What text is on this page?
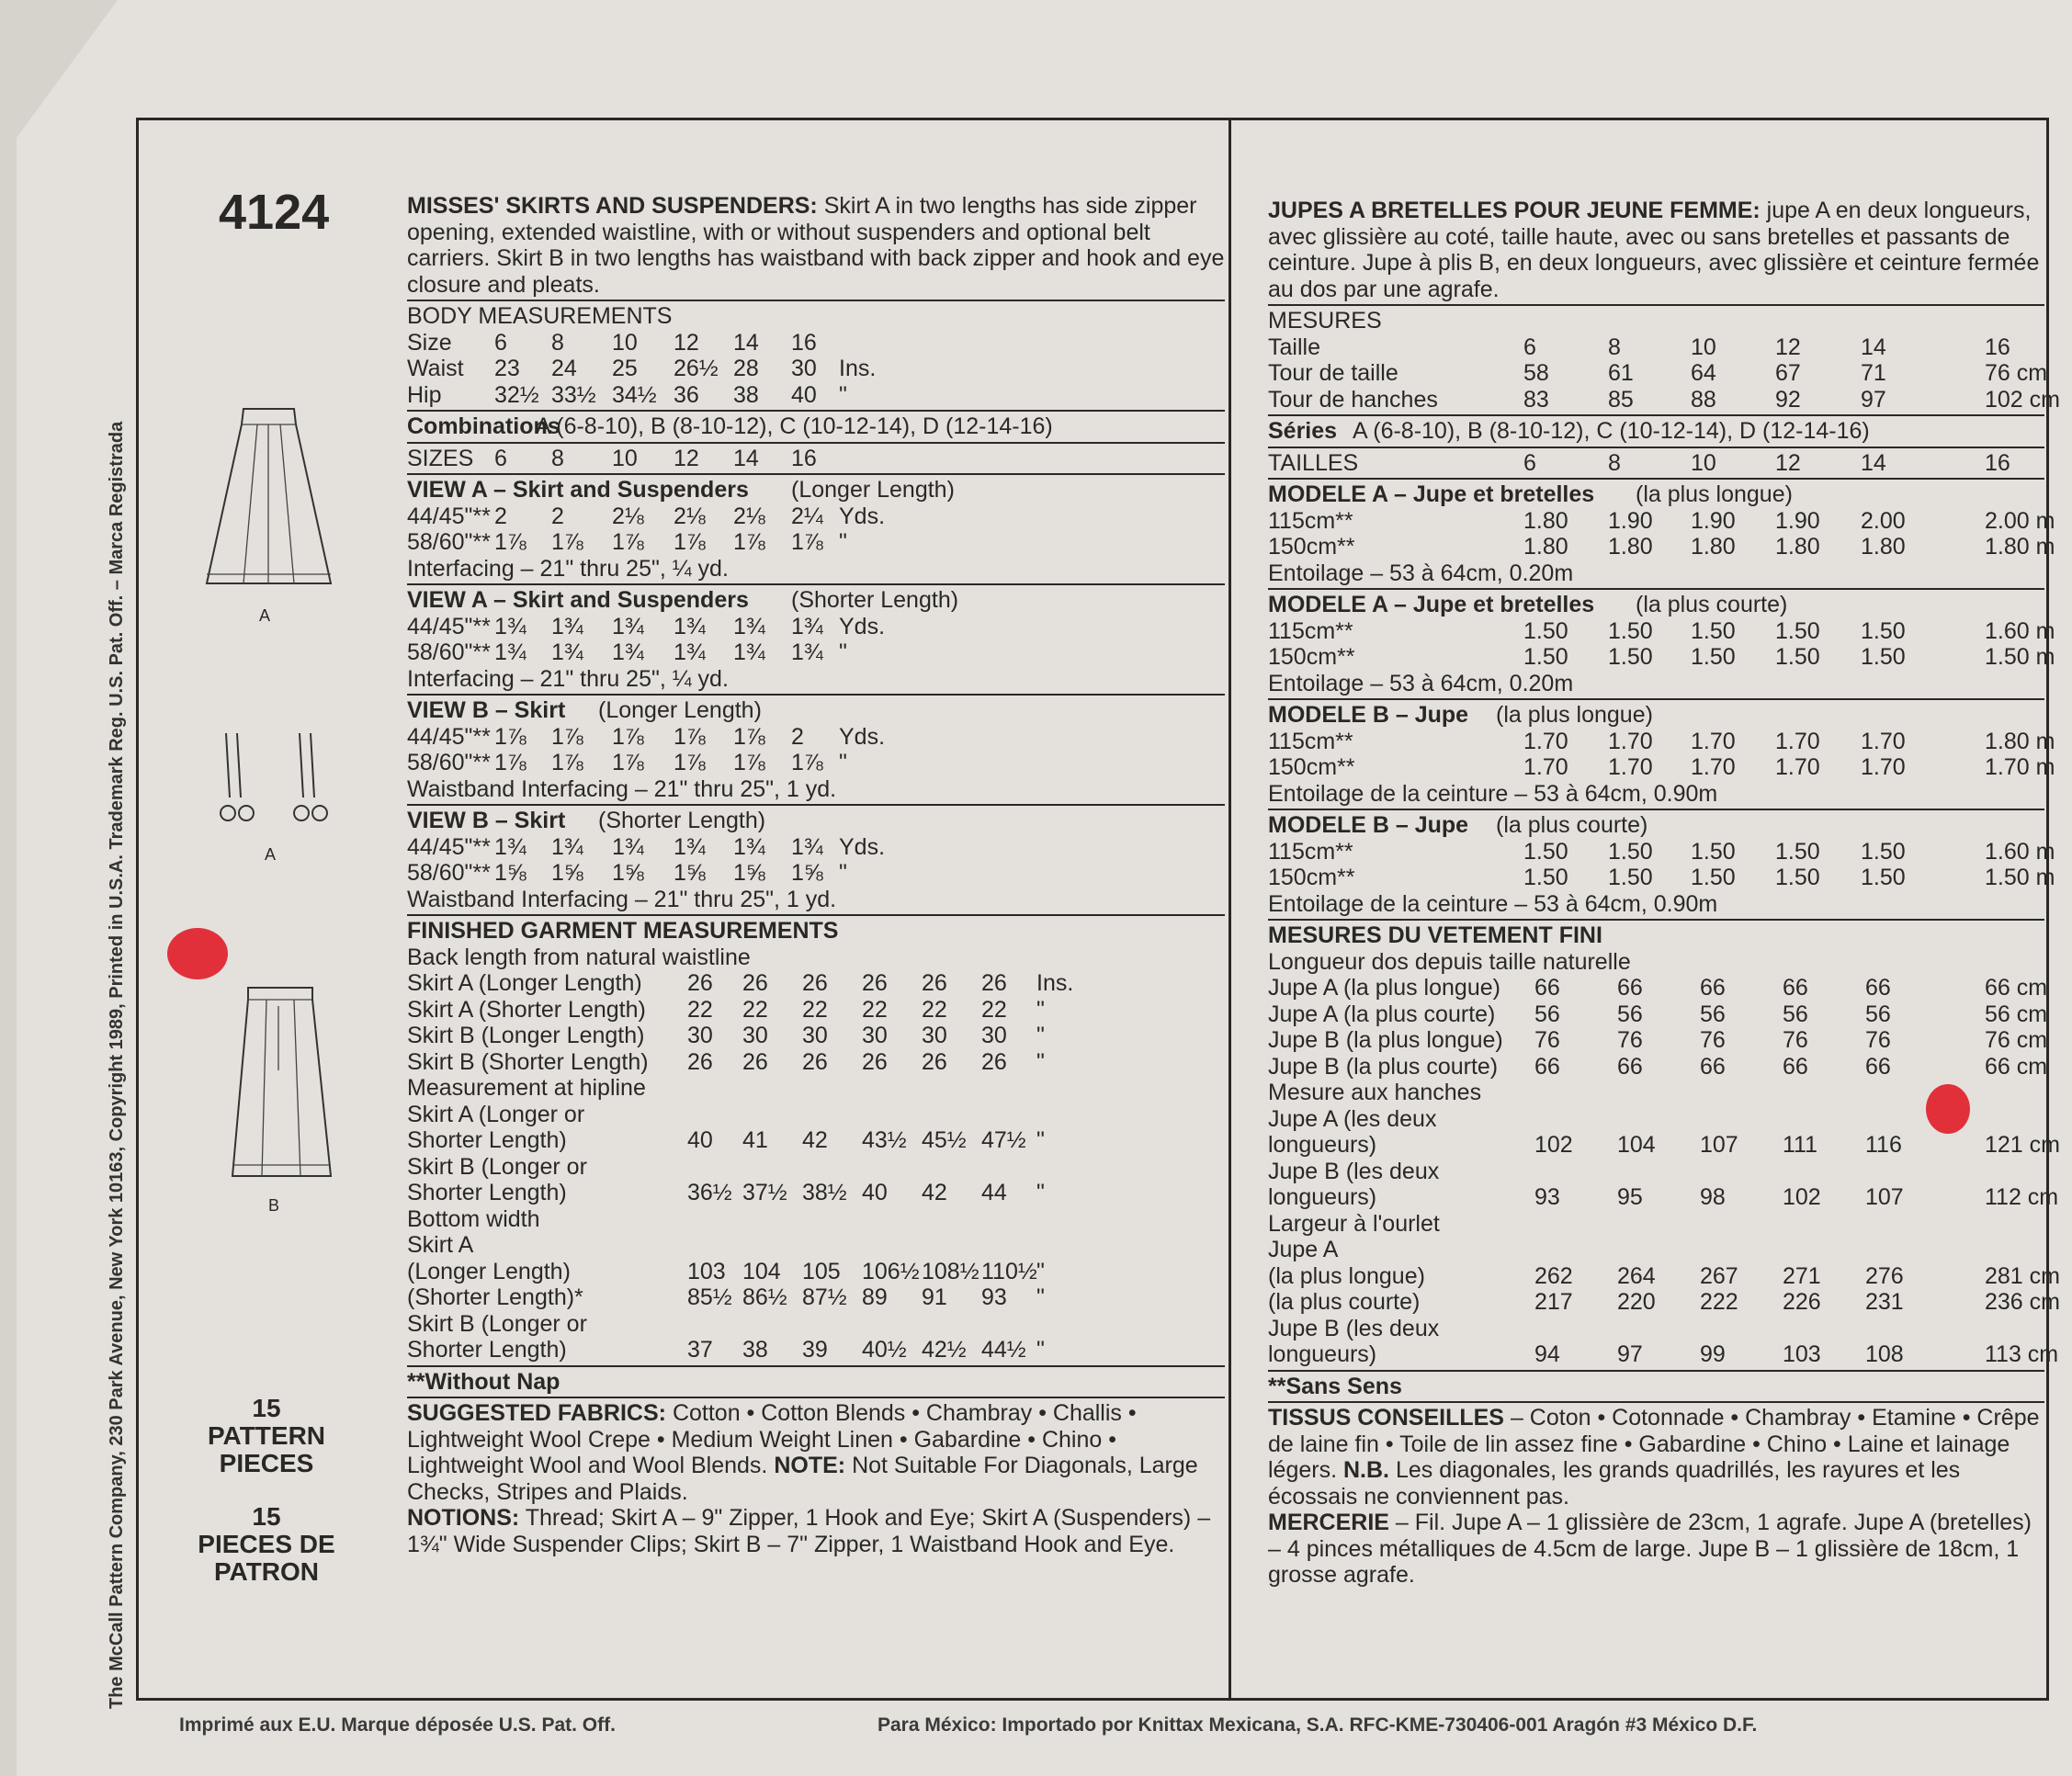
The McCall Pattern Company, 230 Park Avenue, New York 10163, Copyright 1989, Printed in U.S.A. Trademark Reg. U.S. Pat. Off. – Marca Registrada
4124
A
A
B
15
PATTERN PIECES
15
PIECES DE PATRON
MISSES' SKIRTS AND SUSPENDERS: Skirt A in two lengths has side zipper opening, extended waistline, with or without suspenders and optional belt carriers. Skirt B in two lengths has waistband with back zipper and hook and eye closure and pleats.
BODY MEASUREMENTS
Size 6 8 10 12 14 16
Waist 23 24 25 26½ 28 30 Ins.
Hip 32½ 33½ 34½ 36 38 40 "
Combinations
A (6-8-10), B (8-10-12), C (10-12-14), D (12-14-16)
SIZES 6 8 10 12 14 16
VIEW A – Skirt and Suspenders (Longer Length)
44/45"** 2 2 2⅛ 2⅛ 2⅛ 2¼ Yds.
58/60"** 1⅞ 1⅞ 1⅞ 1⅞ 1⅞ 1⅞ "
Interfacing – 21" thru 25", ¼ yd.
VIEW A – Skirt and Suspenders (Shorter Length)
44/45"** 1¾ 1¾ 1¾ 1¾ 1¾ 1¾ Yds.
58/60"** 1¾ 1¾ 1¾ 1¾ 1¾ 1¾ "
Interfacing – 21" thru 25", ¼ yd.
VIEW B – Skirt (Longer Length)
44/45"** 1⅞ 1⅞ 1⅞ 1⅞ 1⅞ 2 Yds.
58/60"** 1⅞ 1⅞ 1⅞ 1⅞ 1⅞ 1⅞ "
Waistband Interfacing – 21" thru 25", 1 yd.
VIEW B – Skirt (Shorter Length)
44/45"** 1¾ 1¾ 1¾ 1¾ 1¾ 1¾ Yds.
58/60"** 1⅝ 1⅝ 1⅝ 1⅝ 1⅝ 1⅝ "
Waistband Interfacing – 21" thru 25", 1 yd.
FINISHED GARMENT MEASUREMENTS
Back length from natural waistline
Skirt A (Longer Length) 26 26 26 26 26 26 Ins.
Skirt A (Shorter Length) 22 22 22 22 22 22 "
Skirt B (Longer Length) 30 30 30 30 30 30 "
Skirt B (Shorter Length) 26 26 26 26 26 26 "
Measurement at hipline
Skirt A (Longer or
Shorter Length)	40 41 42 43½ 45½ 47½ "
Skirt B (Longer or
Shorter Length)	36½ 37½ 38½ 40 42 44 "
Bottom width
Skirt A
(Longer Length)	103 104 105 106½ 108½ 110½ "
(Shorter Length)*	85½ 86½ 87½ 89 91 93 "
Skirt B (Longer or
Shorter Length)	37 38 39 40½ 42½ 44½ "
**Without Nap
SUGGESTED FABRICS: Cotton • Cotton Blends • Chambray • Challis • Lightweight Wool Crepe • Medium Weight Linen • Gabardine • Chino • Lightweight Wool and Wool Blends. NOTE: Not Suitable For Diagonals, Large Checks, Stripes and Plaids.
NOTIONS: Thread; Skirt A – 9" Zipper, 1 Hook and Eye; Skirt A (Suspenders) – 1¾" Wide Suspender Clips; Skirt B – 7" Zipper, 1 Waistband Hook and Eye.
JUPES A BRETELLES POUR JEUNE FEMME: jupe A en deux longueurs, avec glissière au coté, taille haute, avec ou sans bretelles et passants de ceinture. Jupe à plis B, en deux longueurs, avec glissière et ceinture fermée au dos par une agrafe.
MESURES
Taille	6	8	10	12	14	16
Tour de taille	58	61 64	67	71	76 cm
Tour de hanches	83	85 88	92	97	102 cm
Séries A (6-8-10), B (8-10-12), C (10-12-14), D (12-14-16)
TAILLES	6	8	10	12	14	16
MODELE A – Jupe et bretelles (la plus longue)
115cm**	1.80 1.90 1.90 1.90 2.00	2.00 m
150cm**	1.80 1.80 1.80 1.80 1.80	1.80 m
Entoilage – 53 à 64cm, 0.20m
MODELE A – Jupe et bretelles (la plus courte)
115cm**	1.50 1.50 1.50 1.50 1.50	1.60 m
150cm**	1.50 1.50 1.50 1.50 1.50	1.50 m
Entoilage – 53 à 64cm, 0.20m
MODELE B – Jupe (la plus longue)
115cm**	1.70 1.70 1.70 1.70 1.70	1.80 m
150cm**	1.70 1.70 1.70 1.70 1.70	1.70 m
Entoilage de la ceinture – 53 à 64cm, 0.90m
MODELE B – Jupe (la plus courte)
115cm**	1.50 1.50 1.50 1.50 1.50	1.60 m
150cm**	1.50 1.50 1.50 1.50 1.50	1.50 m
Entoilage de la ceinture – 53 à 64cm, 0.90m
MESURES DU VETEMENT FINI
Longueur dos depuis taille naturelle
Jupe A (la plus longue) 66 66 66 66 66	66 cm
Jupe A (la plus courte) 56 56 56 56 56	56 cm
Jupe B (la plus longue) 76 76 76 76 76	76 cm
Jupe B (la plus courte) 66 66 66 66 66	66 cm
Mesure aux hanches
Jupe A (les deux
longueurs)	102 104 107 111 116	121 cm
Jupe B (les deux
longueurs)	93 95 98 102 107	112 cm
Largeur à l'ourlet
Jupe A
(la plus longue)	262 264 267 271 276	281 cm
(la plus courte)	217 220 222 226 231	236 cm
Jupe B (les deux
longueurs)	94 97 99 103 108	113 cm
**Sans Sens
TISSUS CONSEILLES – Coton • Cotonnade • Chambray • Etamine • Crêpe de laine fin • Toile de lin assez fine • Gabardine • Chino • Laine et lainage légers. N.B. Les diagonales, les grands quadrillés, les rayures et les écossais ne conviennent pas.
MERCERIE – Fil. Jupe A – 1 glissière de 23cm, 1 agrafe. Jupe A (bretelles) – 4 pinces métalliques de 4.5cm de large. Jupe B – 1 glissière de 18cm, 1 grosse agrafe.
Imprimé aux E.U. Marque déposée U.S. Pat. Off.	Para México: Importado por Knittax Mexicana, S.A. RFC-KME-730406-001 Aragón #3 México D.F.
